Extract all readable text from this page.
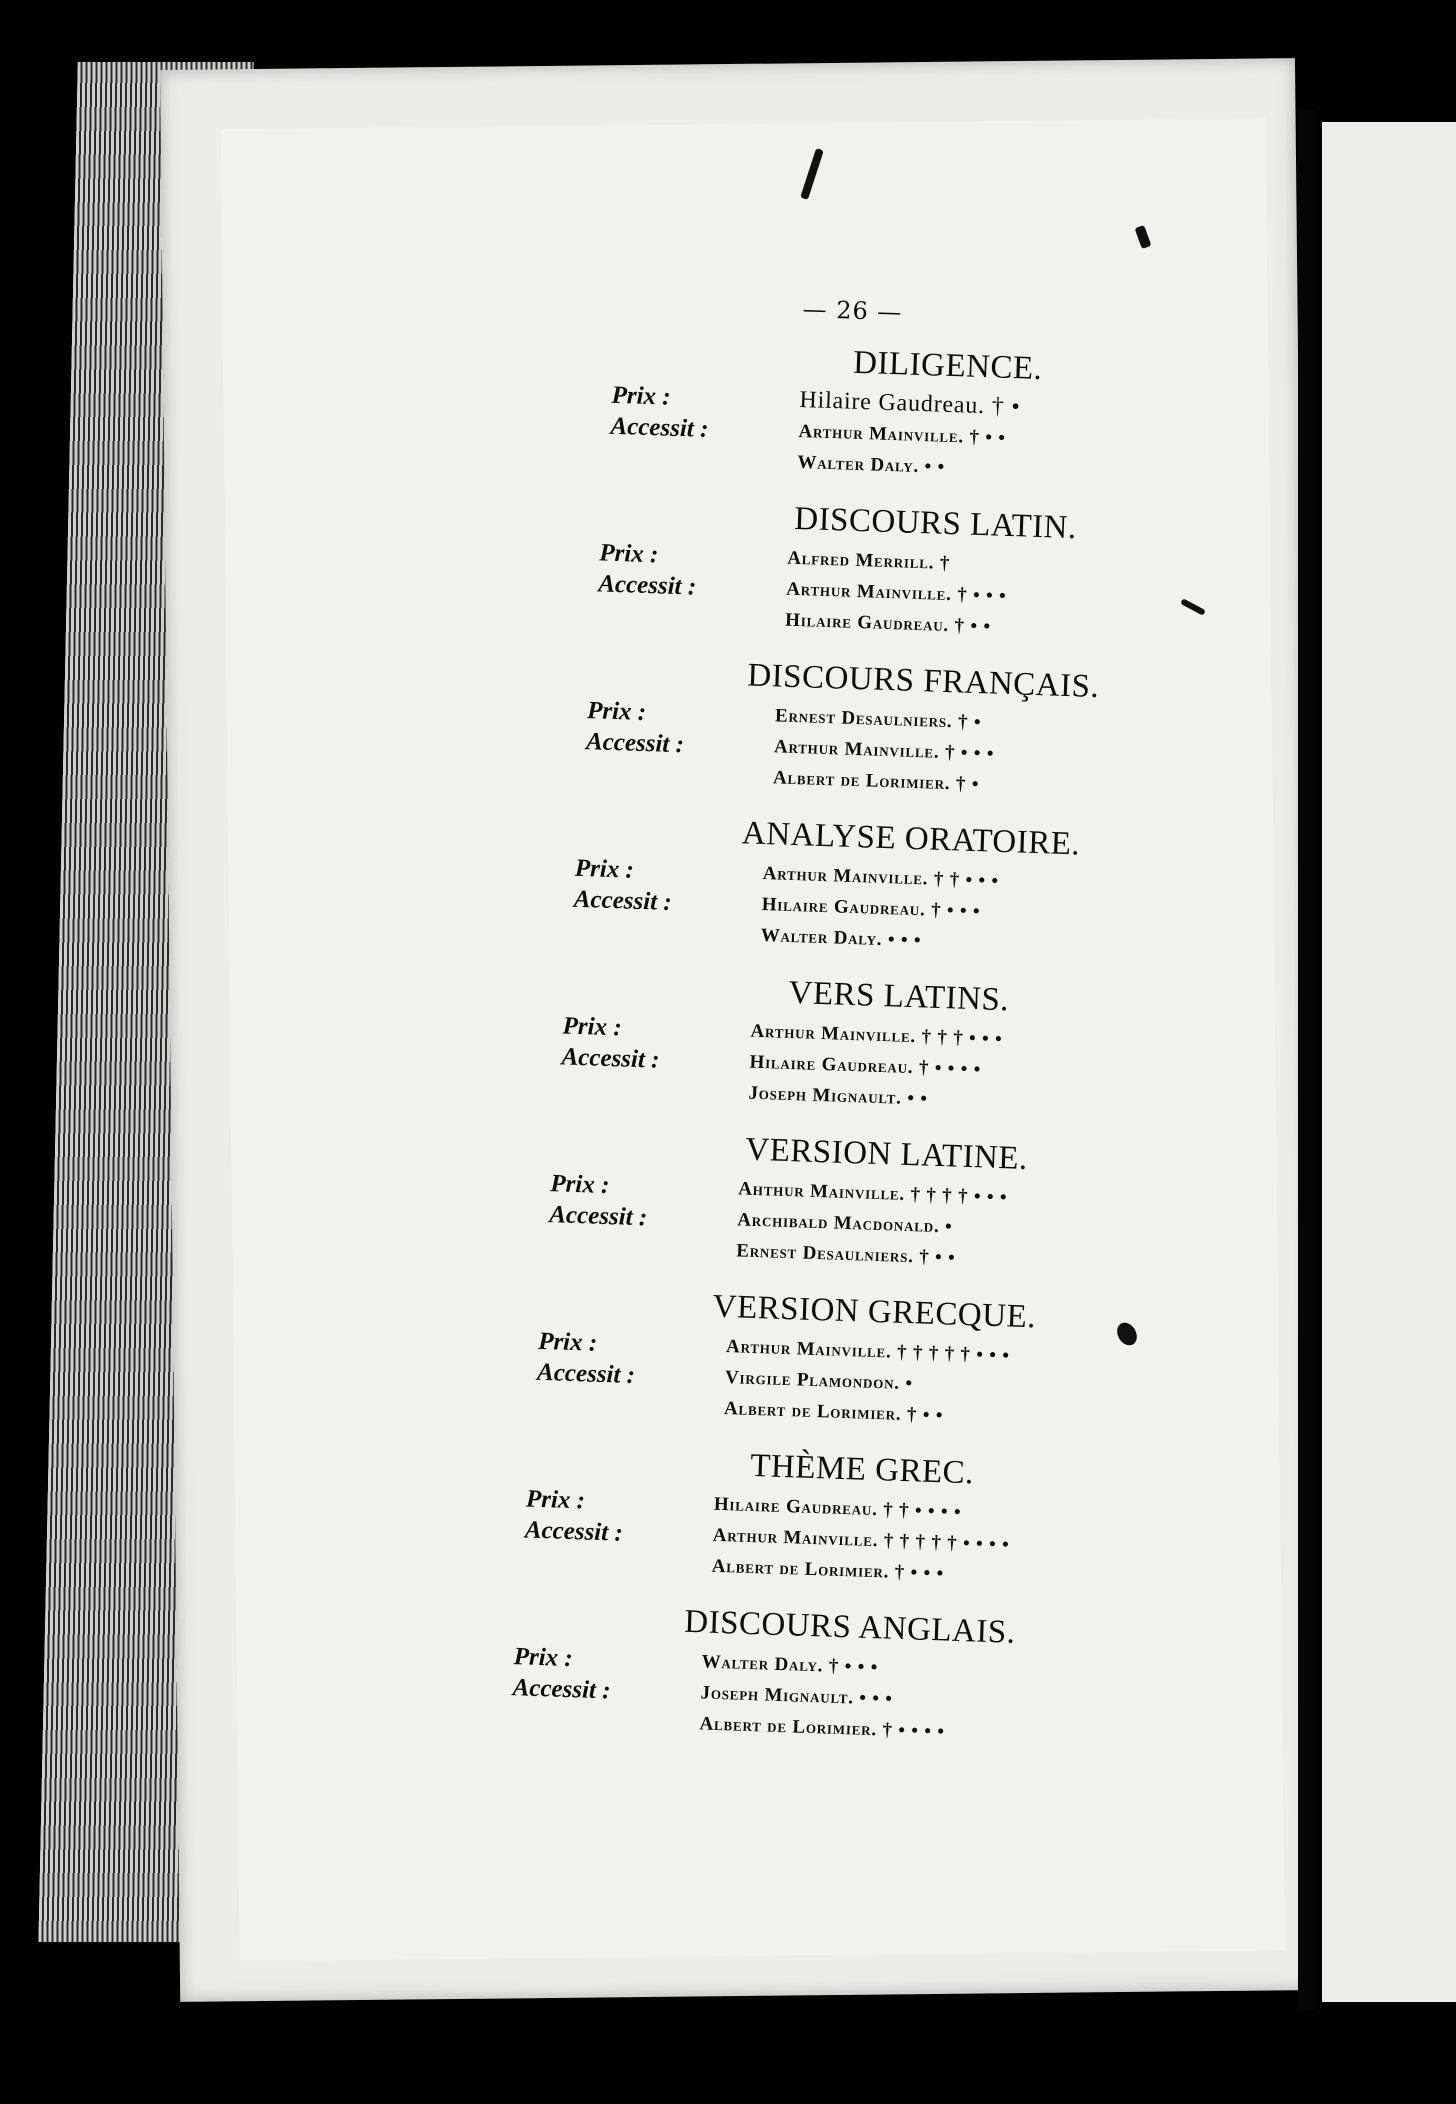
— 26 —
DILIGENCE.
Prix :	Hilaire Gaudreau. † •
Accessit :	Arthur Mainville. † • •
Walter Daly. • •
DISCOURS LATIN.
Prix :	Alfred Merrill. †
Accessit :	Arthur Mainville. † • • •
Hilaire Gaudreau. † • •
DISCOURS FRANÇAIS.
Prix :	Ernest Desaulniers. † •
Accessit :	Arthur Mainville. † • • •
Albert de Lorimier. † •
ANALYSE ORATOIRE.
Prix :	Arthur Mainville. † † • • •
Accessit :	Hilaire Gaudreau. † • • •
Walter Daly. • • •
VERS LATINS.
Prix :	Arthur Mainville. † † † • • •
Accessit :	Hilaire Gaudreau. † • • • •
Joseph Mignault. • •
VERSION LATINE.
Prix :	Ahthur Mainville. † † † † • • •
Accessit :	Archibald Macdonald. •
Ernest Desaulniers. † • •
VERSION GRECQUE.
Prix :	Arthur Mainville. † † † † † • • •
Accessit :	Virgile Plamondon. •
Albert de Lorimier. † • •
THÈME GREC.
Prix :	Hilaire Gaudreau. † † • • • •
Accessit :	Arthur Mainville. † † † † † • • • •
Albert de Lorimier. † • • •
DISCOURS ANGLAIS.
Prix :	Walter Daly. † • • •
Accessit :	Joseph Mignault. • • •
Albert de Lorimier. † • • • •
